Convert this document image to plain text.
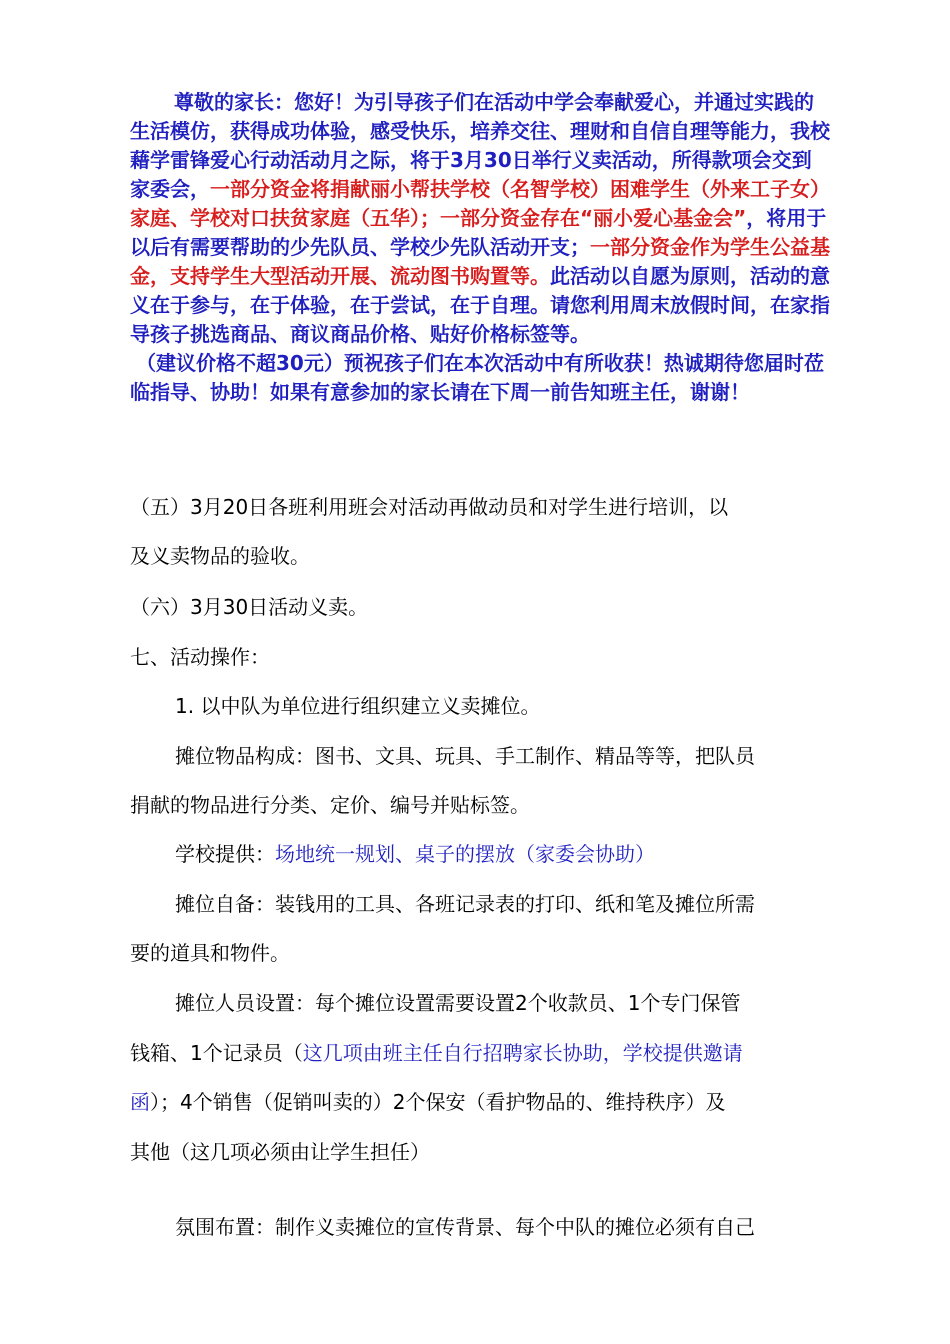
尊敬的家长：您好！为引导孩子们在活动中学会奉献爱心，并通过实践的生活模仿，获得成功体验，感受快乐，培养交往、理财和自信自理等能力，我校藉学雷锋爱心行动活动月之际，将于3月30日举行义卖活动，所得款项会交到家委会，一部分资金将捐献丽小帮扶学校（名智学校）困难学生（外来工子女）家庭、学校对口扶贫家庭（五华）；一部分资金存在“丽小爱心基金会”，将用于以后有需要帮助的少先队员、学校少先队活动开支；一部分资金作为学生公益基金，支持学生大型活动开展、流动图书购置等。此活动以自愿为原则，活动的意义在于参与，在于体验，在于尝试，在于自理。请您利用周末放假时间，在家指导孩子挑选商品、商议商品价格、贴好价格标签等。
（建议价格不超30元）预祝孩子们在本次活动中有所收获！热诚期待您届时莅临指导、协助！如果有意参加的家长请在下周一前告知班主任，谢谢！
（五）3月20日各班利用班会对活动再做动员和对学生进行培训，以
及义卖物品的验收。
（六）3月30日活动义卖。
七、活动操作：
1. 以中队为单位进行组织建立义卖摊位。
摊位物品构成：图书、文具、玩具、手工制作、精品等等，把队员
捐献的物品进行分类、定价、编号并贴标签。
学校提供：场地统一规划、桌子的摆放（家委会协助）
摊位自备：装钱用的工具、各班记录表的打印、纸和笔及摊位所需
要的道具和物件。
摊位人员设置：每个摊位设置需要设置2个收款员、1个专门保管
钱箱、1个记录员（这几项由班主任自行招聘家长协助，学校提供邀请
函）；4个销售（促销叫卖的）2个保安（看护物品的、维持秩序）及
其他（这几项必须由让学生担任）
氛围布置：制作义卖摊位的宣传背景、每个中队的摊位必须有自己
